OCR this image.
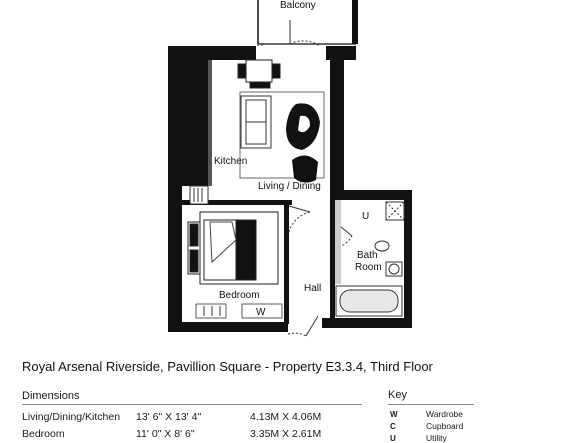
Balcony
Kitchen
Living / Dining
Bedroom
Hall
Bath
Room
U
W
Royal Arsenal Riverside, Pavillion Square - Property E3.3.4, Third Floor
Dimensions
Living/Dining/Kitchen 13' 6" X 13' 4"	4.13M X 4.06M
Bedroom	11' 0" X 8' 6"	3.35M X 2.61M
Key
W	Wardrobe
C	Cupboard
U	Utility
